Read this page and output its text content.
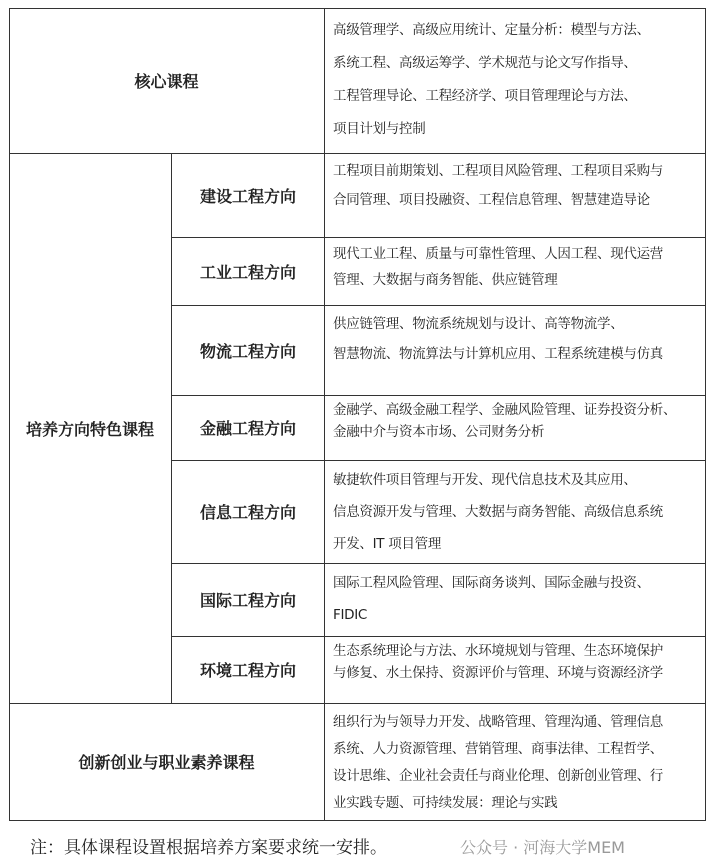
核心课程
高级管理学、高级应用统计、定量分析：模型与方法、
系统工程、高级运筹学、学术规范与论文写作指导、
工程管理导论、工程经济学、项目管理理论与方法、
项目计划与控制
培养方向特色课程
建设工程方向
工程项目前期策划、工程项目风险管理、工程项目采购与
合同管理、项目投融资、工程信息管理、智慧建造导论
工业工程方向
现代工业工程、质量与可靠性管理、人因工程、现代运营
管理、大数据与商务智能、供应链管理
物流工程方向
供应链管理、物流系统规划与设计、高等物流学、
智慧物流、物流算法与计算机应用、工程系统建模与仿真
金融工程方向
金融学、高级金融工程学、金融风险管理、证券投资分析、
金融中介与资本市场、公司财务分析
信息工程方向
敏捷软件项目管理与开发、现代信息技术及其应用、
信息资源开发与管理、大数据与商务智能、高级信息系统
开发、IT 项目管理
国际工程方向
国际工程风险管理、国际商务谈判、国际金融与投资、
FIDIC
环境工程方向
生态系统理论与方法、水环境规划与管理、生态环境保护
与修复、水土保持、资源评价与管理、环境与资源经济学
创新创业与职业素养课程
组织行为与领导力开发、战略管理、管理沟通、管理信息
系统、人力资源管理、营销管理、商事法律、工程哲学、
设计思维、企业社会责任与商业伦理、创新创业管理、行
业实践专题、可持续发展：理论与实践
注：具体课程设置根据培养方案要求统一安排。	公众号 · 河海大学MEM
